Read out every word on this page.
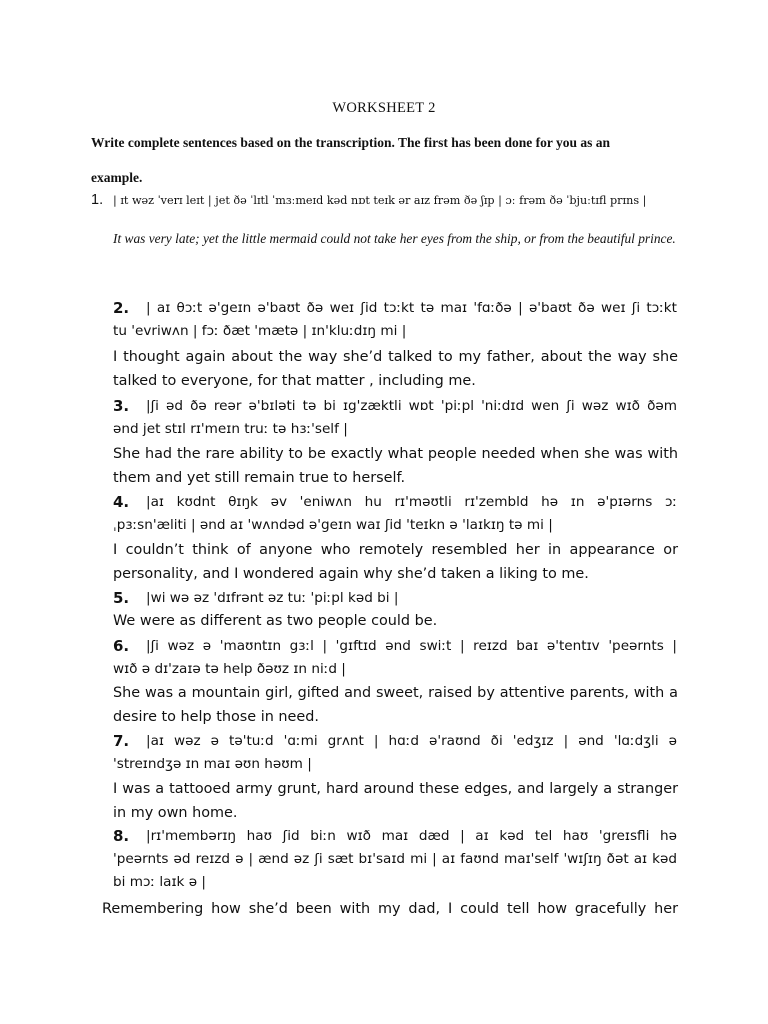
WORKSHEET 2
Write complete sentences based on the transcription. The first has been done for you as an
example.
1. | ɪt wəz ˈverɪ leɪt | jet ðə ˈlɪtl ˈmɜːmeɪd kəd nɒt teɪk ər aɪz frəm ðə ʃɪp | ɔː frəm ðə ˈbjuːtɪfl prɪns |
It was very late; yet the little mermaid could not take her eyes from the ship, or from the beautiful prince.
2.	| aɪ θɔːt ə'geɪn ə'baʊt ðə weɪ ʃid tɔːkt tə maɪ 'fɑːðə | ə'baʊt ðə weɪ ʃi tɔːkt
tu 'evriwʌn | fɔː ðæt 'mætə | ɪn'kluːdɪŋ mi |
I thought again about the way she’d talked to my father, about the way she talked to everyone, for that matter , including me.
3.	|ʃi əd ðə reər ə'bɪləti tə bi ɪg'zæktli wɒt 'piːpl 'niːdɪd wen ʃi wəz wɪð ðəm
ənd jet stɪl rɪ'meɪn truː tə hɜː'self |
She had the rare ability to be exactly what people needed when she was with them and yet still remain true to herself.
4.	|aɪ kʊdnt θɪŋk əv 'eniwʌn hu rɪ'məʊtli rɪ'zembld hə ɪn ə'pɪərns ɔː
ˌpɜːsn'æliti | ənd aɪ 'wʌndəd ə'geɪn waɪ ʃid 'teɪkn ə 'laɪkɪŋ tə mi |
I couldn’t think of anyone who remotely resembled her in appearance or personality, and I wondered again why she’d taken a liking to me.
5.	|wi wə əz 'dɪfrənt əz tuː 'piːpl kəd bi |
We were as different as two people could be.
6.	|ʃi wəz ə 'maʊntɪn gɜːl | 'gɪftɪd ənd swiːt | reɪzd baɪ ə'tentɪv 'peərnts |
wɪð ə dɪ'zaɪə tə help ðəʊz ɪn niːd |
She was a mountain girl, gifted and sweet, raised by attentive parents, with a desire to help those in need.
7.	|aɪ wəz ə tə'tuːd 'ɑːmi grʌnt | hɑːd ə'raʊnd ði 'edʒɪz | ənd 'lɑːdʒli ə
'streɪndʒə ɪn maɪ əʊn həʊm |
I was a tattooed army grunt, hard around these edges, and largely a stranger in my own home.
8.	|rɪ'membərɪŋ haʊ ʃid biːn wɪð maɪ dæd | aɪ kəd tel haʊ 'greɪsfli hə
'peərnts əd reɪzd ə | ænd əz ʃi sæt bɪ'saɪd mi | aɪ faʊnd maɪ'self 'wɪʃɪŋ ðət aɪ kəd bi mɔː laɪk ə |
Remembering how she’d been with my dad, I could tell how gracefully her
